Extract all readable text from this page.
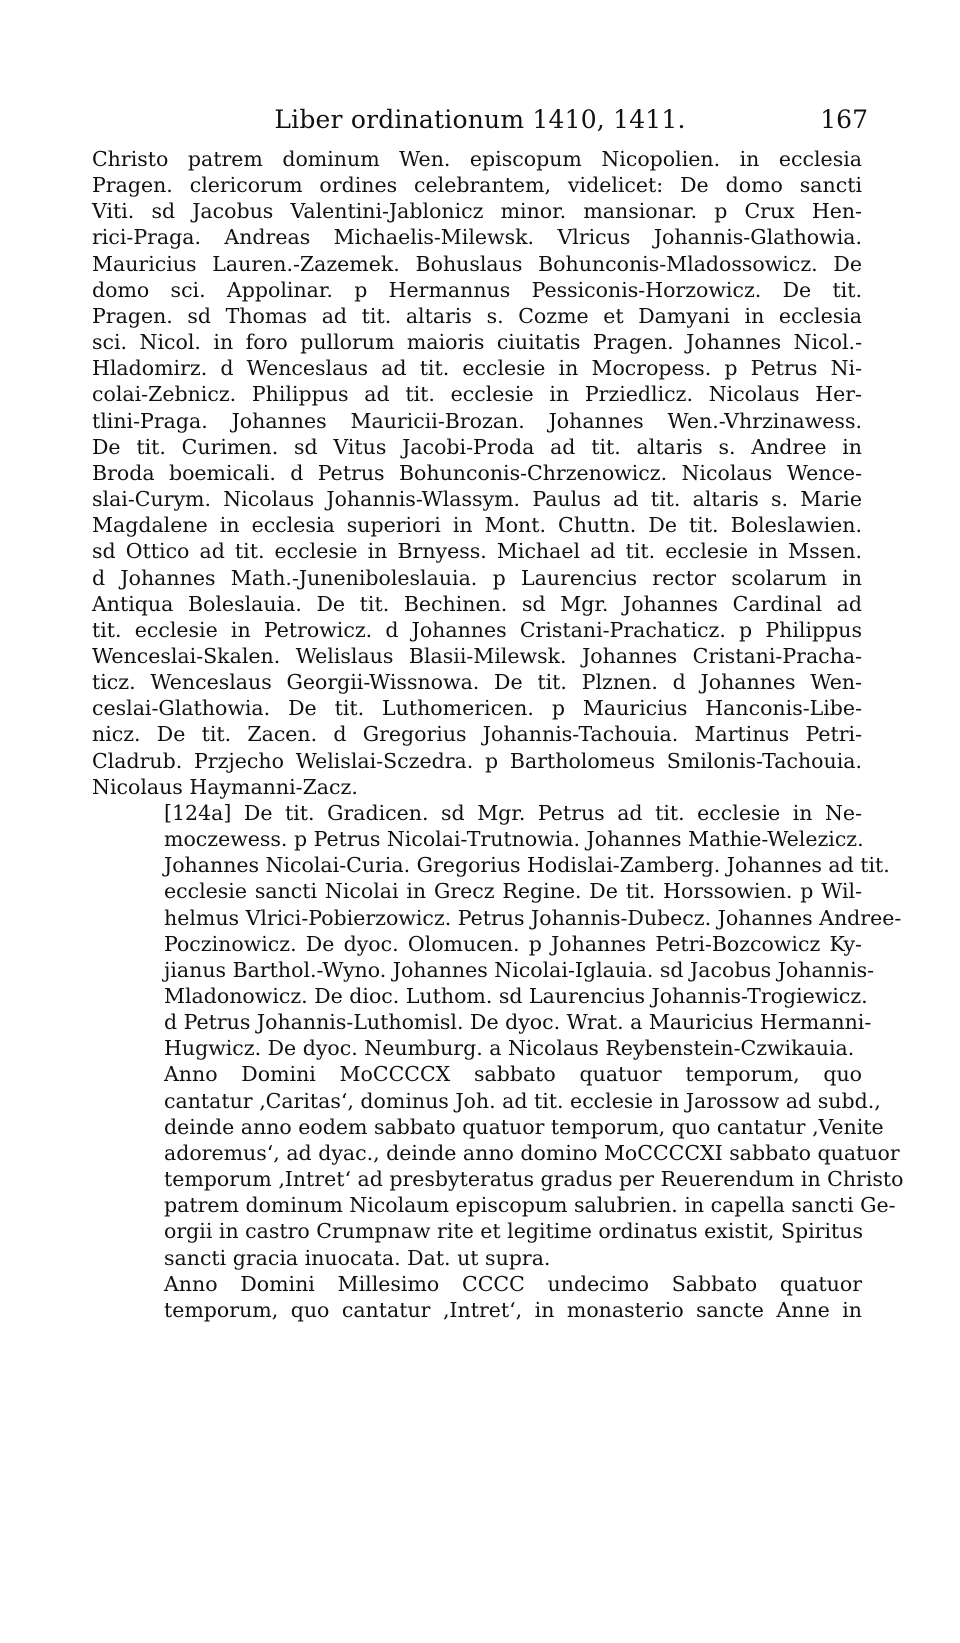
Liber ordinationum 1410, 1411.	167

Christo patrem dominum Wen. episcopum Nicopolien. in ecclesia
Pragen. clericorum ordines celebrantem, videlicet: De domo sancti
Viti. sd Jacobus Valentini-Jablonicz minor. mansionar. p Crux Hen-
rici-Praga. Andreas Michaelis-Milewsk. Vlricus Johannis-Glathowia.
Mauricius Lauren.-Zazemek. Bohuslaus Bohunconis-Mladossowicz. De
domo sci. Appolinar. p Hermannus Pessiconis-Horzowicz. De tit.
Pragen. sd Thomas ad tit. altaris s. Cozme et Damyani in ecclesia
sci. Nicol. in foro pullorum maioris ciuitatis Pragen. Johannes Nicol.-
Hladomirz. d Wenceslaus ad tit. ecclesie in Mocropess. p Petrus Ni-
colai-Zebnicz. Philippus ad tit. ecclesie in Prziedlicz. Nicolaus Her-
tlini-Praga. Johannes Mauricii-Brozan. Johannes Wen.-Vhrzinawess.
De tit. Curimen. sd Vitus Jacobi-Proda ad tit. altaris s. Andree in
Broda boemicali. d Petrus Bohunconis-Chrzenowicz. Nicolaus Wence-
slai-Curym. Nicolaus Johannis-Wlassym. Paulus ad tit. altaris s. Marie
Magdalene in ecclesia superiori in Mont. Chuttn. De tit. Boleslawien.
sd Ottico ad tit. ecclesie in Brnyess. Michael ad tit. ecclesie in Mssen.
d Johannes Math.-Juneniboleslauia. p Laurencius rector scolarum in
Antiqua Boleslauia. De tit. Bechinen. sd Mgr. Johannes Cardinal ad
tit. ecclesie in Petrowicz. d Johannes Cristani-Prachaticz. p Philippus
Wenceslai-Skalen. Welislaus Blasii-Milewsk. Johannes Cristani-Pracha-
ticz. Wenceslaus Georgii-Wissnowa. De tit. Plznen. d Johannes Wen-
ceslai-Glathowia. De tit. Luthomericen. p Mauricius Hanconis-Libe-
nicz. De tit. Zacen. d Gregorius Johannis-Tachouia. Martinus Petri-
Cladrub. Przjecho Welislai-Sczedra. p Bartholomeus Smilonis-Tachouia.
Nicolaus Haymanni-Zacz.

[124a] De tit. Gradicen. sd Mgr. Petrus ad tit. ecclesie in Ne-
moczewess. p Petrus Nicolai-Trutnowia. Johannes Mathie-Welezicz.
Johannes Nicolai-Curia. Gregorius Hodislai-Zamberg. Johannes ad tit.
ecclesie sancti Nicolai in Grecz Regine. De tit. Horssowien. p Wil-
helmus Vlrici-Pobierzowicz. Petrus Johannis-Dubecz. Johannes Andree-
Poczinowicz. De dyoc. Olomucen. p Johannes Petri-Bozcowicz Ky-
jianus Barthol.-Wyno. Johannes Nicolai-Iglauia. sd Jacobus Johannis-
Mladonowicz. De dioc. Luthom. sd Laurencius Johannis-Trogiewicz.
d Petrus Johannis-Luthomisl. De dyoc. Wrat. a Mauricius Hermanni-
Hugwicz. De dyoc. Neumburg. a Nicolaus Reybenstein-Czwikauia.

Anno Domini MoCCCCX sabbato quatuor temporum, quo
cantatur ‚Caritas‘, dominus Joh. ad tit. ecclesie in Jarossow ad subd.,
deinde anno eodem sabbato quatuor temporum, quo cantatur ‚Venite
adoremus‘, ad dyac., deinde anno domino MoCCCCXI sabbato quatuor
temporum ‚Intret‘ ad presbyteratus gradus per Reuerendum in Christo
patrem dominum Nicolaum episcopum salubrien. in capella sancti Ge-
orgii in castro Crumpnaw rite et legitime ordinatus existit, Spiritus
sancti gracia inuocata. Dat. ut supra.

Anno Domini Millesimo CCCC undecimo Sabbato quatuor
temporum, quo cantatur ‚Intret‘, in monasterio sancte Anne in
